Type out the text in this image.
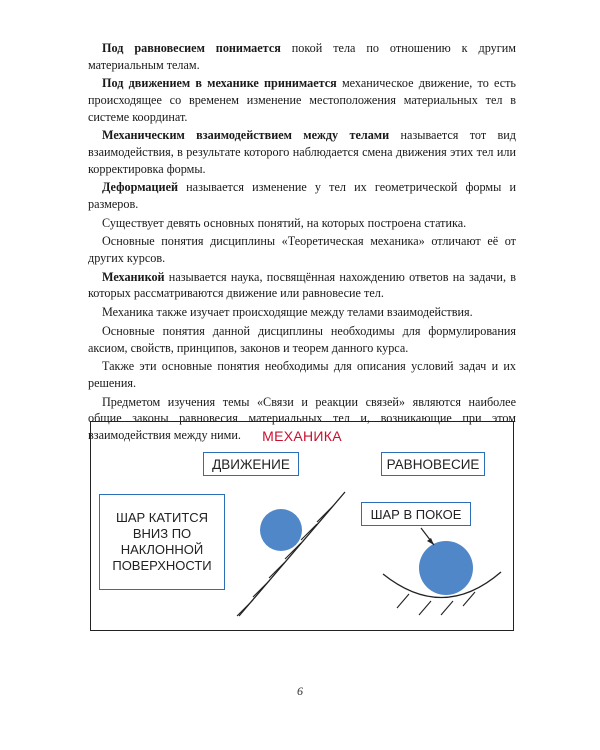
Под равновесием понимается покой тела по отношению к другим материальным телам.

Под движением в механике принимается механическое движение, то есть происходящее со временем изменение местоположения материальных тел в системе координат.

Механическим взаимодействием между телами называется тот вид взаимодействия, в результате которого наблюдается смена движения этих тел или корректировка формы.

Деформацией называется изменение у тел их геометрической формы и размеров.

Существует девять основных понятий, на которых построена статика.

Основные понятия дисциплины «Теоретическая механика» отличают её от других курсов.

Механикой называется наука, посвящённая нахождению ответов на задачи, в которых рассматриваются движение или равновесие тел.

Механика также изучает происходящие между телами взаимодействия.

Основные понятия данной дисциплины необходимы для формулирования аксиом, свойств, принципов, законов и теорем данного курса.

Также эти основные понятия необходимы для описания условий задач и их решения.

Предметом изучения темы «Связи и реакции связей» являются наиболее общие законы равновесия материальных тел и, возникающие при этом взаимодействия между ними.	МЕХАНИКА
ДВИЖЕНИЕ	РАВНОВЕСИЕ
ШАР КАТИТСЯ ВНИЗ ПО НАКЛОННОЙ ПОВЕРХНОСТИ
ШАР В ПОКОЕ
6
